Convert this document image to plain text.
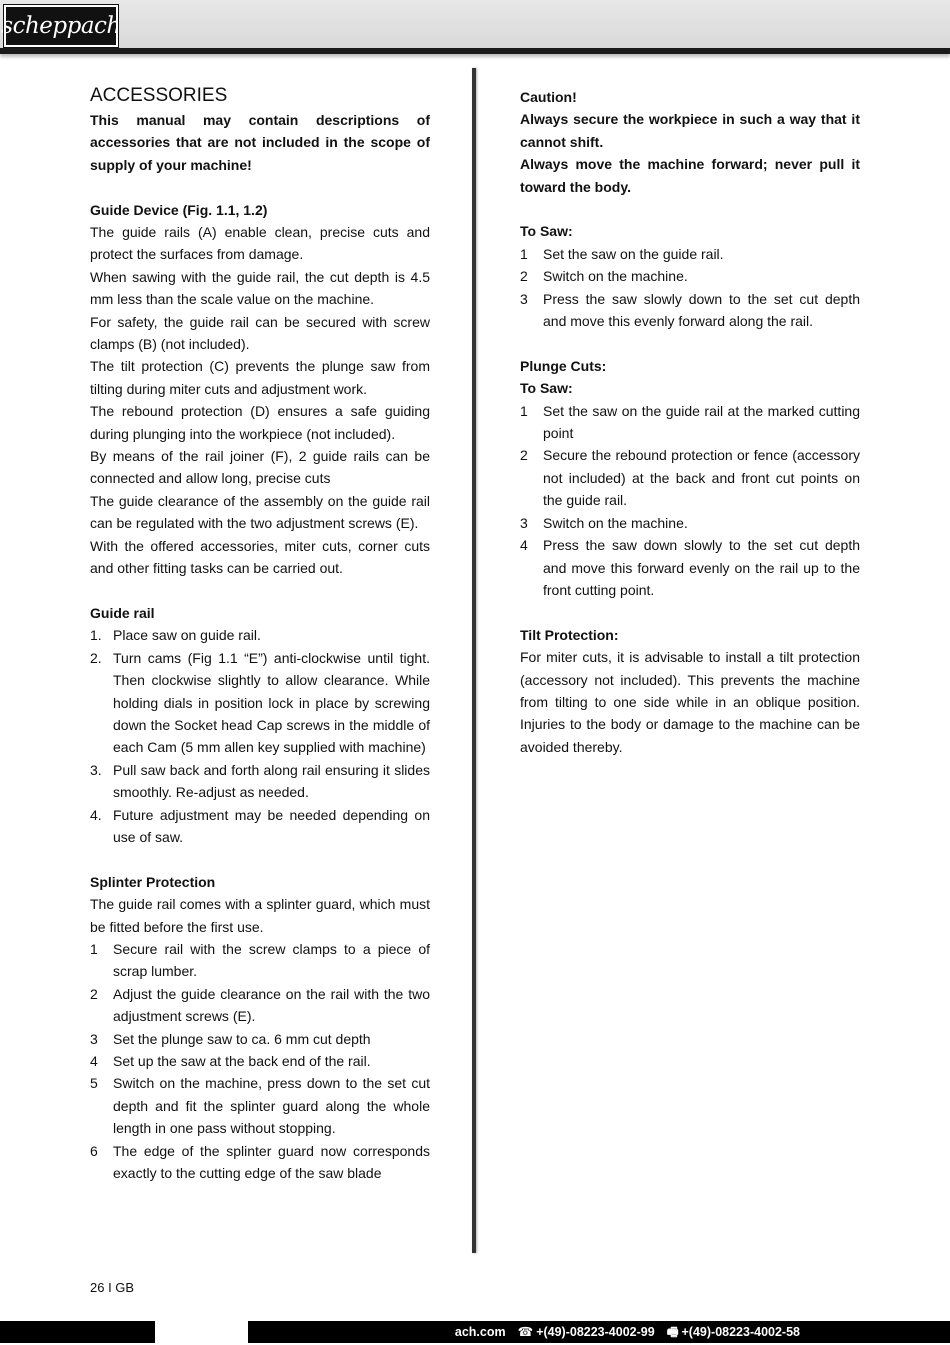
scheppach
ACCESSORIES

This manual may contain descriptions of accessories that are not included in the scope of supply of your machine!

Guide Device (Fig. 1.1, 1.2)

The guide rails (A) enable clean, precise cuts and protect the surfaces from damage.

When sawing with the guide rail, the cut depth is 4.5 mm less than the scale value on the machine.

For safety, the guide rail can be secured with screw clamps (B) (not included).

The tilt protection (C) prevents the plunge saw from tilting during miter cuts and adjustment work.

The rebound protection (D) ensures a safe guiding during plunging into the workpiece (not included).

By means of the rail joiner (F), 2 guide rails can be connected and allow long, precise cuts

The guide clearance of the assembly on the guide rail can be regulated with the two adjustment screws (E).

With the offered accessories, miter cuts, corner cuts and other fitting tasks can be carried out.

Guide rail
1. Place saw on guide rail.
2. Turn cams (Fig 1.1 “E”) anti-clockwise until tight. Then clockwise slightly to allow clearance. While holding dials in position lock in place by screwing down the Socket head Cap screws in the middle of each Cam (5 mm allen key supplied with machine)
3. Pull saw back and forth along rail ensuring it slides smoothly. Re-adjust as needed.
4. Future adjustment may be needed depending on use of saw.
Splinter Protection

The guide rail comes with a splinter guard, which must be fitted before the first use.

1	Secure rail with the screw clamps to a piece of scrap lumber.
2	Adjust the guide clearance on the rail with the two adjustment screws (E).
3	Set the plunge saw to ca. 6 mm cut depth
4	Set up the saw at the back end of the rail.
5	Switch on the machine, press down to the set cut depth and fit the splinter guard along the whole length in one pass without stopping.
6	The edge of the splinter guard now corresponds exactly to the cutting edge of the saw blade
Caution!

Always secure the workpiece in such a way that it cannot shift.

Always move the machine forward; never pull it toward the body.

To Saw:
1	Set the saw on the guide rail.
2	Switch on the machine.
3	Press the saw slowly down to the set cut depth and move this evenly forward along the rail.
Plunge Cuts:
To Saw:
1	Set the saw on the guide rail at the marked cutting point
2	Secure the rebound protection or fence (accessory not included) at the back and front cut points on the guide rail.
3	Switch on the machine.
4	Press the saw down slowly to the set cut depth and move this forward evenly on the rail up to the front cutting point.
Tilt Protection:

For miter cuts, it is advisable to install a tilt protection (accessory not included). This prevents the machine from tilting to one side while in an oblique position. Injuries to the body or damage to the machine can be avoided thereby.

26 I GB
ach.com ☎ +(49)-08223-4002-99 🖷 +(49)-08223-4002-58
